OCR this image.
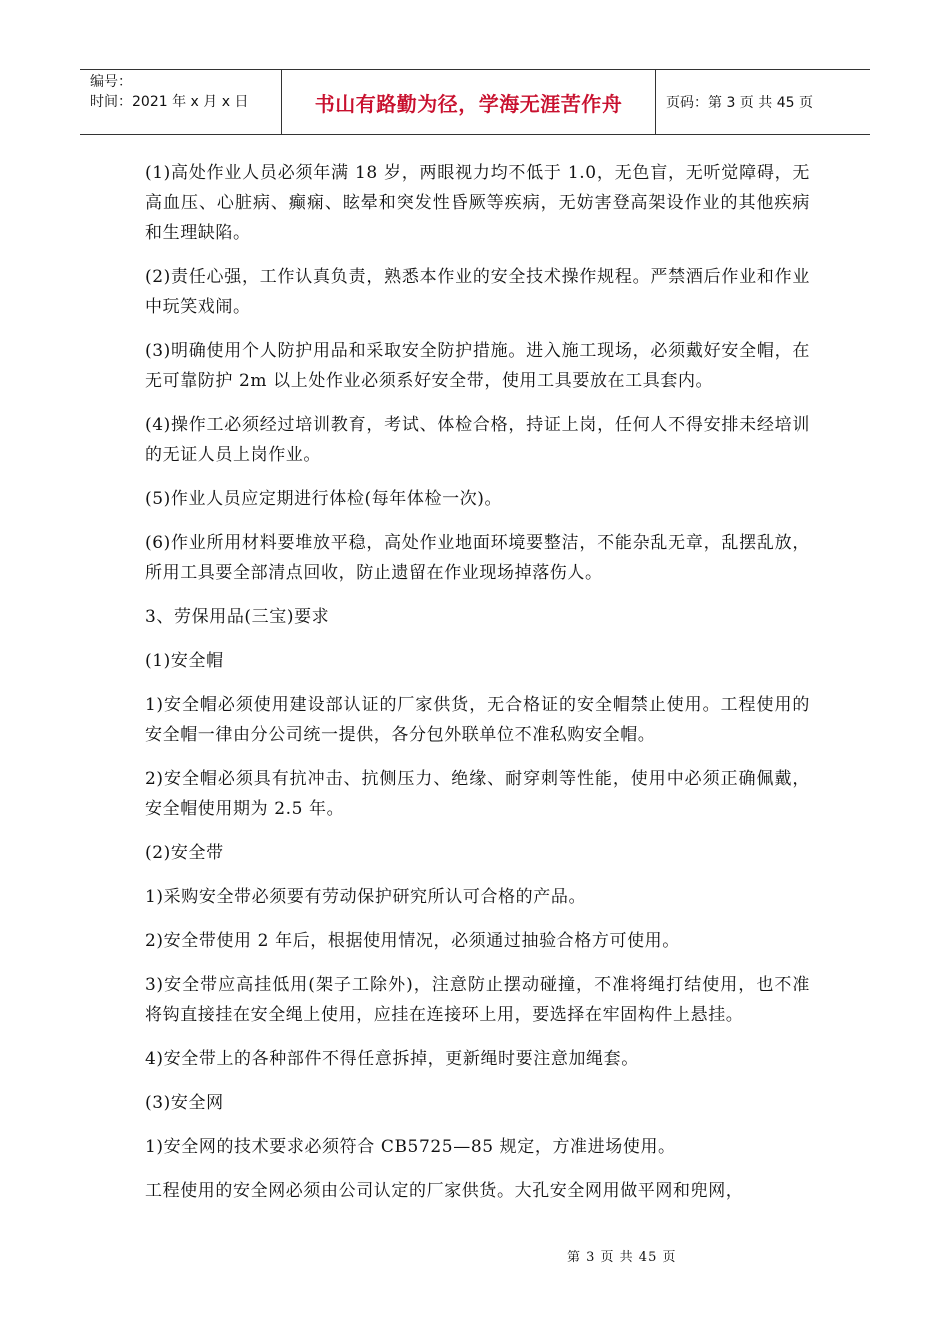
编号：
时间：2021 年 x 月 x 日	书山有路勤为径，学海无涯苦作舟	页码：第 3 页 共 45 页

(1)高处作业人员必须年满 18 岁，两眼视力均不低于 1.0，无色盲，无听觉障碍，无高血压、心脏病、癫痫、眩晕和突发性昏厥等疾病，无妨害登高架设作业的其他疾病和生理缺陷。

(2)责任心强，工作认真负责，熟悉本作业的安全技术操作规程。严禁酒后作业和作业中玩笑戏闹。

(3)明确使用个人防护用品和采取安全防护措施。进入施工现场，必须戴好安全帽，在无可靠防护 2m 以上处作业必须系好安全带，使用工具要放在工具套内。

(4)操作工必须经过培训教育，考试、体检合格，持证上岗，任何人不得安排未经培训的无证人员上岗作业。

(5)作业人员应定期进行体检(每年体检一次)。

(6)作业所用材料要堆放平稳，高处作业地面环境要整洁，不能杂乱无章，乱摆乱放，所用工具要全部清点回收，防止遗留在作业现场掉落伤人。

3、劳保用品(三宝)要求

(1)安全帽

1)安全帽必须使用建设部认证的厂家供货，无合格证的安全帽禁止使用。工程使用的安全帽一律由分公司统一提供，各分包外联单位不准私购安全帽。

2)安全帽必须具有抗冲击、抗侧压力、绝缘、耐穿刺等性能，使用中必须正确佩戴，安全帽使用期为 2.5 年。

(2)安全带

1)采购安全带必须要有劳动保护研究所认可合格的产品。

2)安全带使用 2 年后，根据使用情况，必须通过抽验合格方可使用。

3)安全带应高挂低用(架子工除外)，注意防止摆动碰撞，不准将绳打结使用，也不准将钩直接挂在安全绳上使用，应挂在连接环上用，要选择在牢固构件上悬挂。

4)安全带上的各种部件不得任意拆掉，更新绳时要注意加绳套。

(3)安全网

1)安全网的技术要求必须符合 CB5725—85 规定，方准进场使用。

工程使用的安全网必须由公司认定的厂家供货。大孔安全网用做平网和兜网，

第 3 页 共 45 页
